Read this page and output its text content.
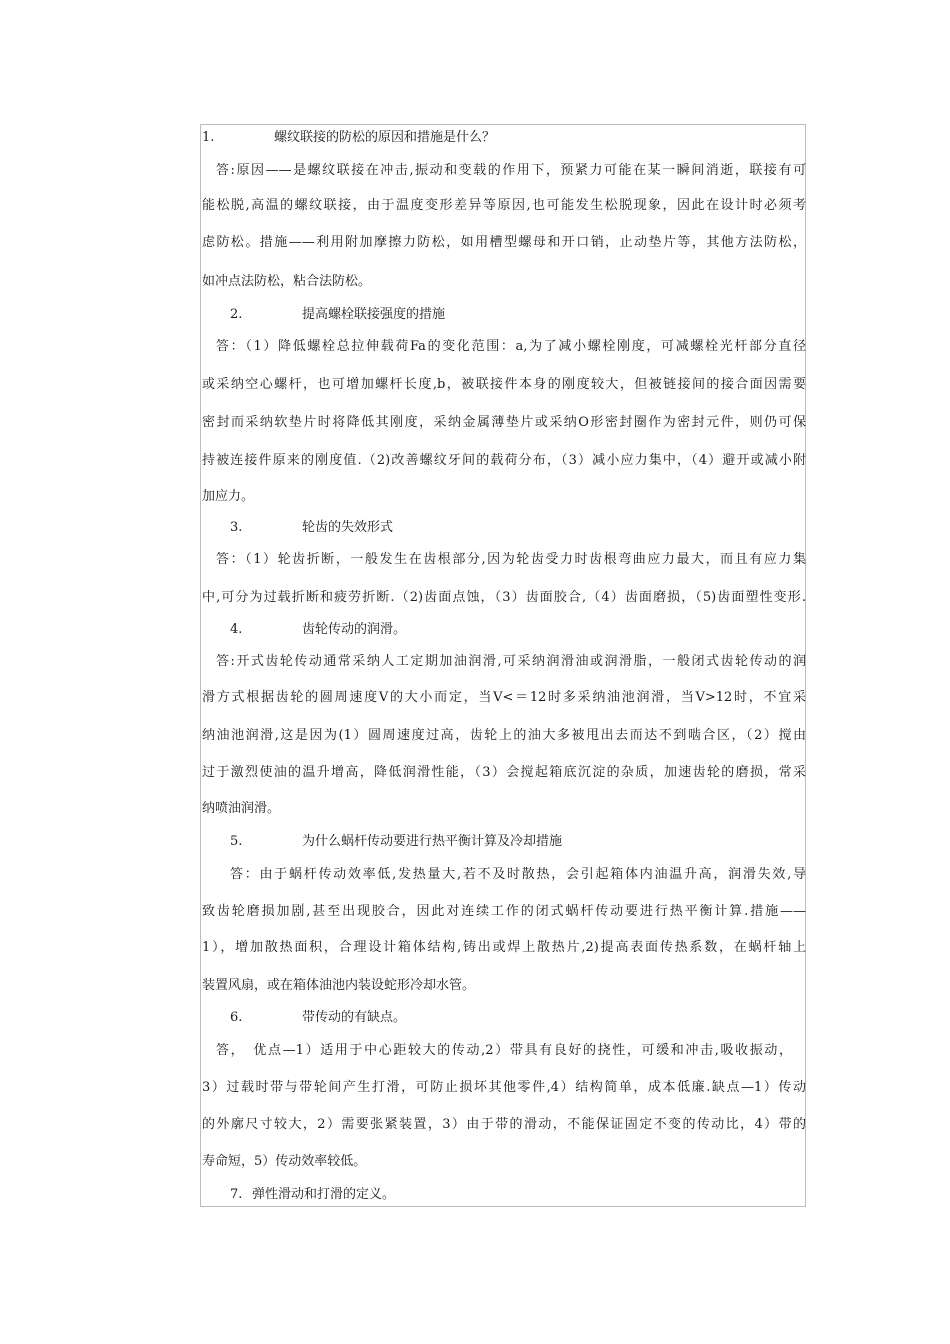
1.	螺纹联接的防松的原因和措施是什么？
答:原因——是螺纹联接在冲击,振动和变载的作用下，预紧力可能在某一瞬间消逝，联接有可
能松脱,高温的螺纹联接，由于温度变形差异等原因,也可能发生松脱现象，因此在设计时必须考
虑防松。措施——利用附加摩擦力防松，如用槽型螺母和开口销，止动垫片等，其他方法防松，
如冲点法防松，粘合法防松。
2.	提高螺栓联接强度的措施
答：（1）降低螺栓总拉伸载荷Fa的变化范围：a,为了减小螺栓刚度，可减螺栓光杆部分直径
或采纳空心螺杆，也可增加螺杆长度,b，被联接件本身的刚度较大，但被链接间的接合面因需要
密封而采纳软垫片时将降低其刚度，采纳金属薄垫片或采纳O形密封圈作为密封元件，则仍可保
持被连接件原来的刚度值.（2)改善螺纹牙间的载荷分布，（3）减小应力集中，（4）避开或减小附
加应力。
3.	轮齿的失效形式
答：（1）轮齿折断，一般发生在齿根部分,因为轮齿受力时齿根弯曲应力最大，而且有应力集
中,可分为过载折断和疲劳折断.（2)齿面点蚀，（3）齿面胶合,（4）齿面磨损，（5)齿面塑性变形.
4.	齿轮传动的润滑。
答:开式齿轮传动通常采纳人工定期加油润滑,可采纳润滑油或润滑脂，一般闭式齿轮传动的润
滑方式根据齿轮的圆周速度V的大小而定，当V<＝12时多采纳油池润滑，当V>12时，不宜采
纳油池润滑,这是因为(1）圆周速度过高，齿轮上的油大多被甩出去而达不到啮合区，（2）搅由
过于激烈使油的温升增高，降低润滑性能，（3）会搅起箱底沉淀的杂质，加速齿轮的磨损，常采
纳喷油润滑。
5.	为什么蜗杆传动要进行热平衡计算及冷却措施
答：由于蜗杆传动效率低,发热量大,若不及时散热，会引起箱体内油温升高，润滑失效,导
致齿轮磨损加剧,甚至出现胶合，因此对连续工作的闭式蜗杆传动要进行热平衡计算.措施——
1），增加散热面积，合理设计箱体结构,铸出或焊上散热片,2)提高表面传热系数，在蜗杆轴上
装置风扇，或在箱体油池内装设蛇形冷却水管。
6.	带传动的有缺点。
答，　优点—1）适用于中心距较大的传动,2）带具有良好的挠性，可缓和冲击,吸收振动，
3）过载时带与带轮间产生打滑，可防止损坏其他零件,4）结构简单，成本低廉.缺点—1）传动
的外廓尺寸较大，2）需要张紧装置，3）由于带的滑动，不能保证固定不变的传动比，4）带的
寿命短，5）传动效率较低。
7. 弹性滑动和打滑的定义。
